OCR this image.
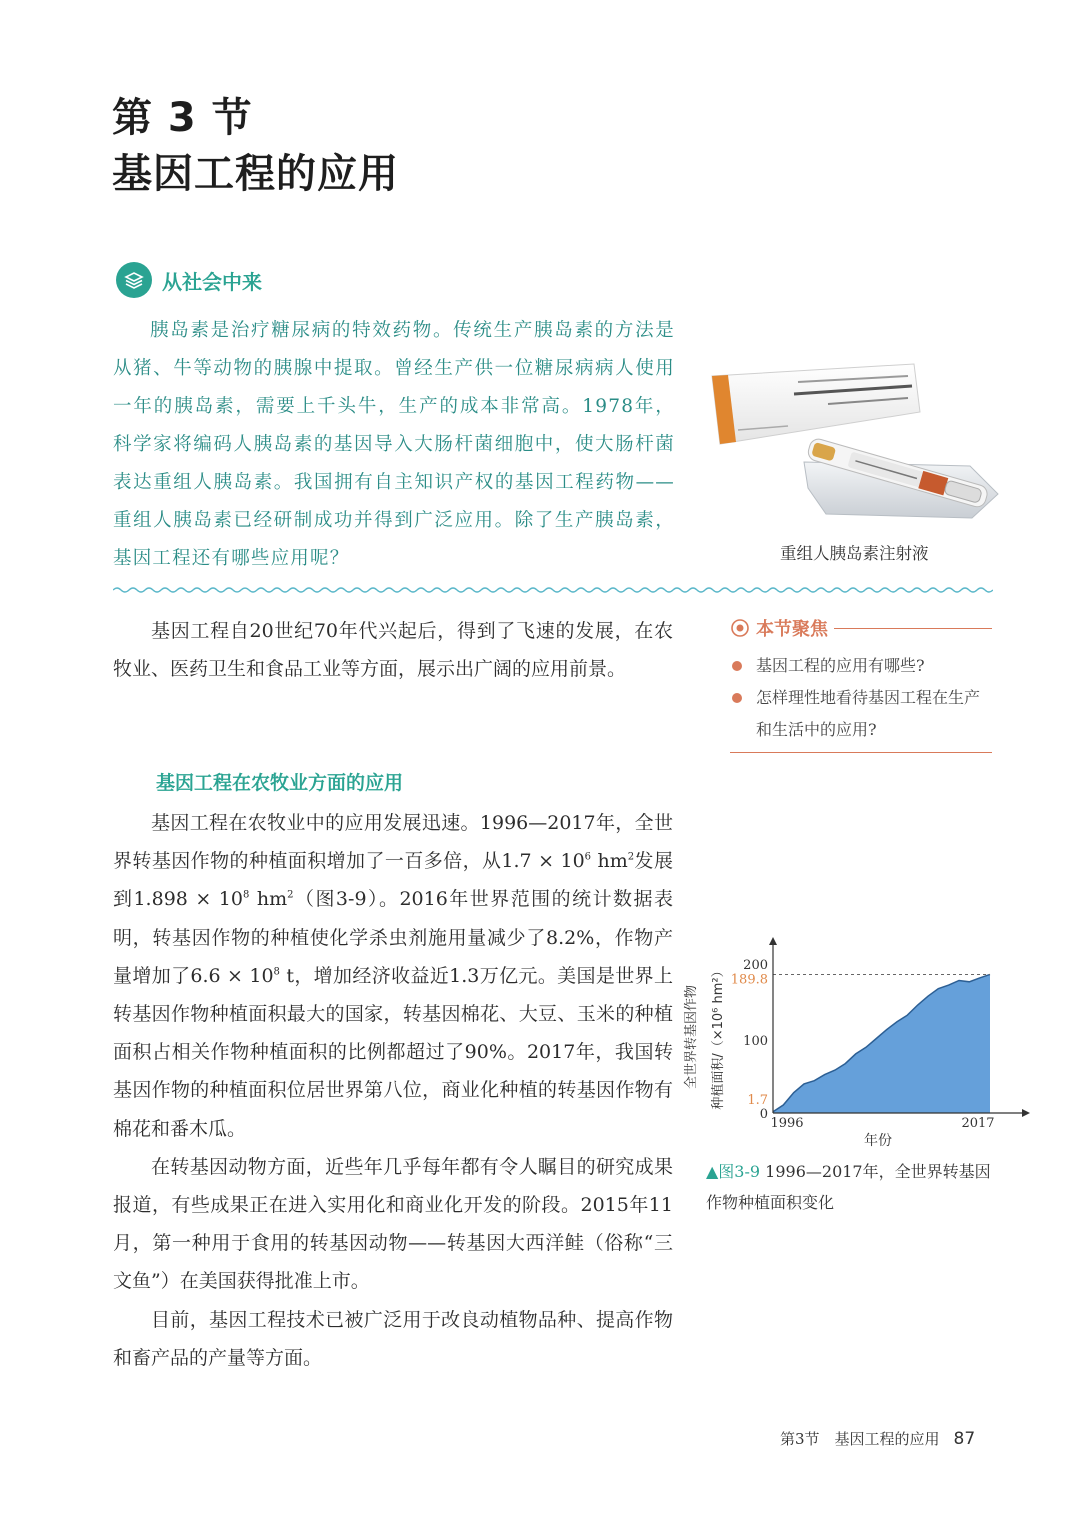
第 3 节
基因工程的应用
从社会中来
胰岛素是治疗糖尿病的特效药物。传统生产胰岛素的方法是从猪、牛等动物的胰腺中提取。曾经生产供一位糖尿病病人使用一年的胰岛素，需要上千头牛，生产的成本非常高。1978年，科学家将编码人胰岛素的基因导入大肠杆菌细胞中，使大肠杆菌表达重组人胰岛素。我国拥有自主知识产权的基因工程药物——重组人胰岛素已经研制成功并得到广泛应用。除了生产胰岛素，基因工程还有哪些应用呢？	重组人胰岛素注射液

基因工程自20世纪70年代兴起后，得到了飞速的发展，在农牧业、医药卫生和食品工业等方面，展示出广阔的应用前景。

本节聚焦
基因工程的应用有哪些?
怎样理性地看待基因工程在生产和生活中的应用?
基因工程在农牧业方面的应用

基因工程在农牧业中的应用发展迅速。1996—2017年，全世界转基因作物的种植面积增加了一百多倍，从$1.7 \times 10^6$ $hm^2$发展到$1.898 \times 10^8$ $hm^2$（图3-9）。2016年世界范围的统计数据表明，转基因作物的种植使化学杀虫剂施用量减少了8.2%，作物产量增加了$6.6 \times 10^8$ t，增加经济收益近1.3万亿元。美国是世界上转基因作物种植面积最大的国家，转基因棉花、大豆、玉米的种植面积占相关作物种植面积的比例都超过了90%。2017年，我国转基因作物的种植面积位居世界第八位，商业化种植的转基因作物有棉花和番木瓜。

在转基因动物方面，近些年几乎每年都有令人瞩目的研究成果报道，有些成果正在进入实用化和商业化开发的阶段。2015年11月，第一种用于食用的转基因动物——转基因大西洋鲑（俗称“三文鱼”）在美国获得批准上市。

目前，基因工程技术已被广泛用于改良动植物品种、提高作物和畜产品的产量等方面。

0
100
200
189.8
1.7
1996	2017
年份
全世界转基因作物 种植面积/（×10⁶ hm²）
▲图3-9 1996—2017年，全世界转基因作物种植面积变化
第3节　基因工程的应用 87
